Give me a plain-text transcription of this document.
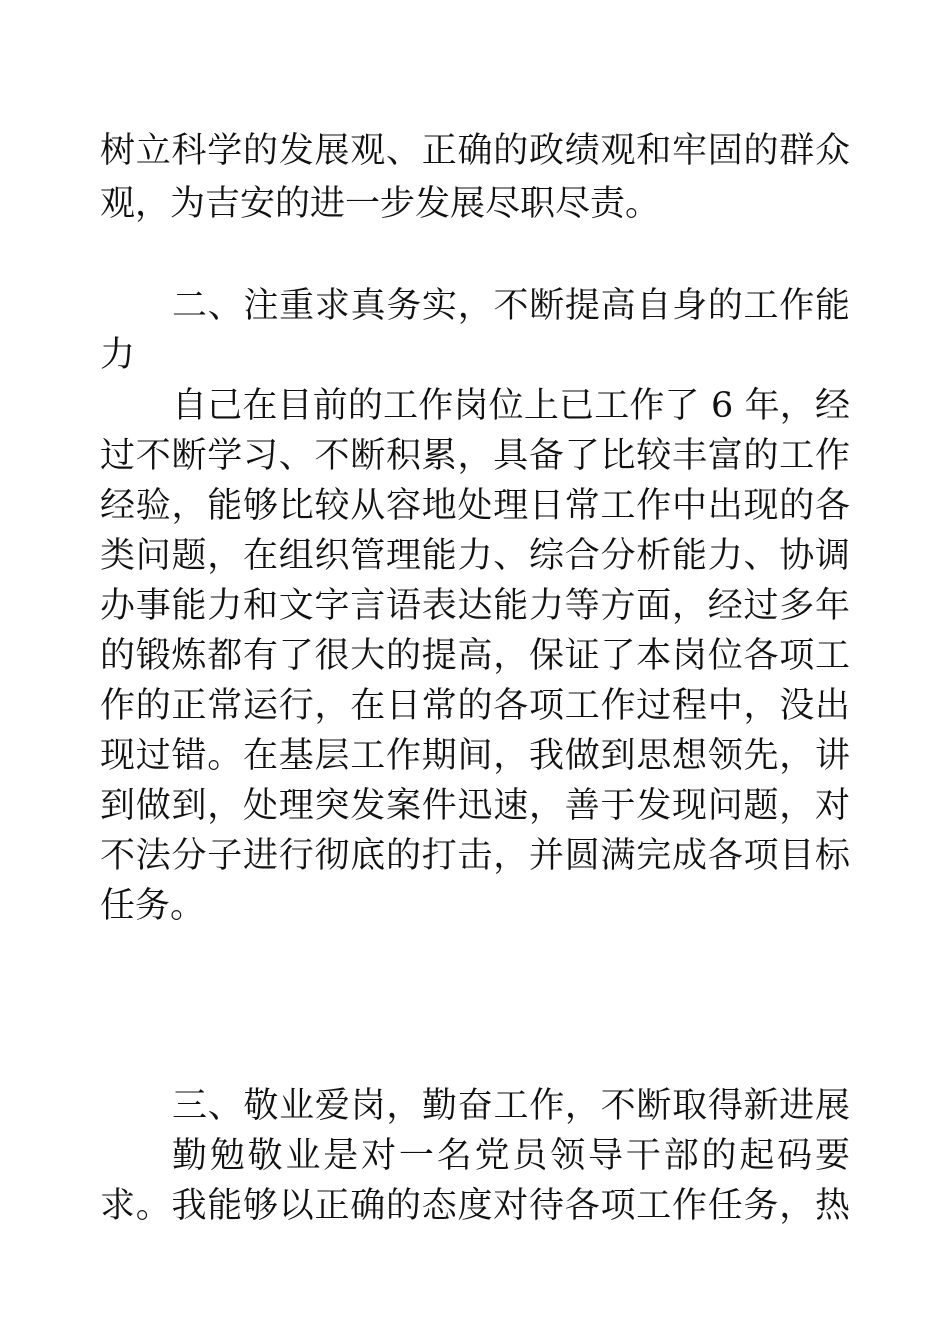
树立科学的发展观、正确的政绩观和牢固的群众
观，为吉安的进一步发展尽职尽责。
二、注重求真务实，不断提高自身的工作能
力
自己在目前的工作岗位上已工作了 6 年，经
过不断学习、不断积累，具备了比较丰富的工作
经验，能够比较从容地处理日常工作中出现的各
类问题，在组织管理能力、综合分析能力、协调
办事能力和文字言语表达能力等方面，经过多年
的锻炼都有了很大的提高，保证了本岗位各项工
作的正常运行，在日常的各项工作过程中，没出
现过错。在基层工作期间，我做到思想领先，讲
到做到，处理突发案件迅速，善于发现问题，对
不法分子进行彻底的打击，并圆满完成各项目标
任务。
三、敬业爱岗，勤奋工作，不断取得新进展
勤勉敬业是对一名党员领导干部的起码要
求。我能够以正确的态度对待各项工作任务，热
